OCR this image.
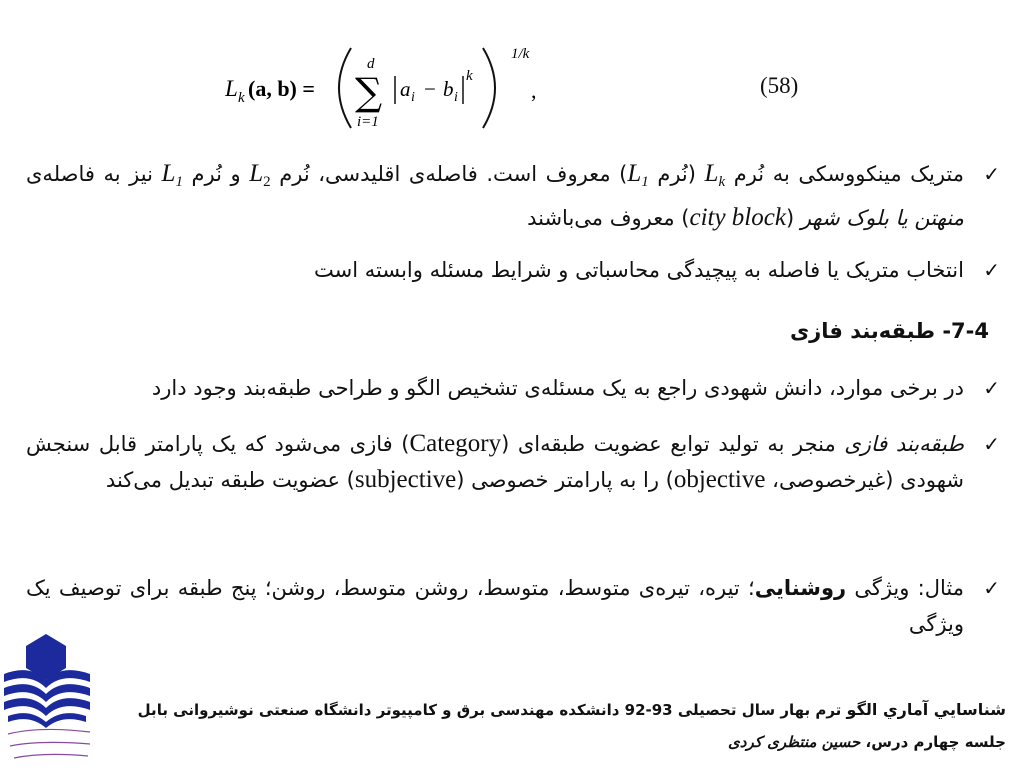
L k (a, b) =
d
∑
i=1
a i − b i
k
1/k
,	(58)
✓
متریک مینکووسکی به نُرم $L_k$ (نُرم $L_1$) معروف است. فاصله‌ی اقلیدسی، نُرم $L_2$ و نُرم $L_1$ نیز به فاصله‌ی منهتن یا بلوک شهر (city block) معروف می‌باشند
✓
انتخاب متریک یا فاصله به پیچیدگی محاسباتی و شرایط مسئله وابسته است
7-4- طبقه‌بند فازی
✓
در برخی موارد، دانش شهودی راجع به یک مسئله‌ی تشخیص الگو و طراحی طبقه‌بند وجود دارد
✓
طبقه‌بند فازی منجر به تولید توابع عضویت طبقه‌ای (Category) فازی می‌شود که یک پارامتر قابل سنجش شهودی (غیرخصوصی، objective) را به پارامتر خصوصی (subjective) عضویت طبقه تبدیل می‌کند
✓
مثال: ویژگی روشنایی؛ تیره، تیره‌ی متوسط، متوسط، روشن متوسط، روشن؛ پنج طبقه برای توصیف یک ویژگی
شناسايي آماري الگو ترم بهار سال تحصیلی 93-92 دانشکده مهندسی برق و کامپیوتر دانشگاه صنعتی نوشیروانی بابل
جلسه چهارم درس، حسین منتظری کردی
